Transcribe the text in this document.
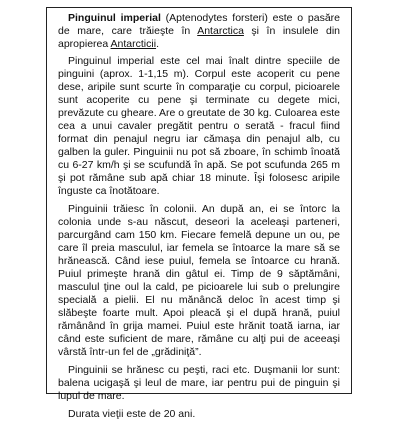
Pinguinul imperial (Aptenodytes forsteri) este o pasăre de mare, care trăieşte în Antarctica şi în insulele din apropierea Antarcticii.

Pinguinul imperial este cel mai înalt dintre speciile de pinguini (aprox. 1-1,15 m). Corpul este acoperit cu pene dese, aripile sunt scurte în comparaţie cu corpul, picioarele sunt acoperite cu pene şi terminate cu degete mici, prevăzute cu gheare. Are o greutate de 30 kg. Culoarea este cea a unui cavaler pregătit pentru o serată - fracul fiind format din penajul negru iar cămaşa din penajul alb, cu galben la guler. Pinguinii nu pot să zboare, în schimb înoată cu 6-27 km/h şi se scufundă în apă. Se pot scufunda 265 m şi pot rămâne sub apă chiar 18 minute. Îşi folosesc aripile înguste ca înotătoare.

Pinguinii trăiesc în colonii. An după an, ei se întorc la colonia unde s-au născut, deseori la aceleaşi parteneri, parcurgând cam 150 km. Fiecare femelă depune un ou, pe care îl preia masculul, iar femela se întoarce la mare să se hrănească. Când iese puiul, femela se întoarce cu hrană. Puiul primeşte hrană din gâtul ei. Timp de 9 săptămâni, masculul ţine oul la cald, pe picioarele lui sub o prelungire specială a pielii. El nu mănâncă deloc în acest timp şi slăbeşte foarte mult. Apoi pleacă şi el după hrană, puiul rămânând în grija mamei. Puiul este hrănit toată iarna, iar când este suficient de mare, rămâne cu alţi pui de aceeaşi vârstă într-un fel de „grădiniţă”.

Pinguinii se hrănesc cu peşti, raci etc. Duşmanii lor sunt: balena ucigaşă şi leul de mare, iar pentru pui de pinguin şi lupul de mare.

Durata vieţii este de 20 ani.
